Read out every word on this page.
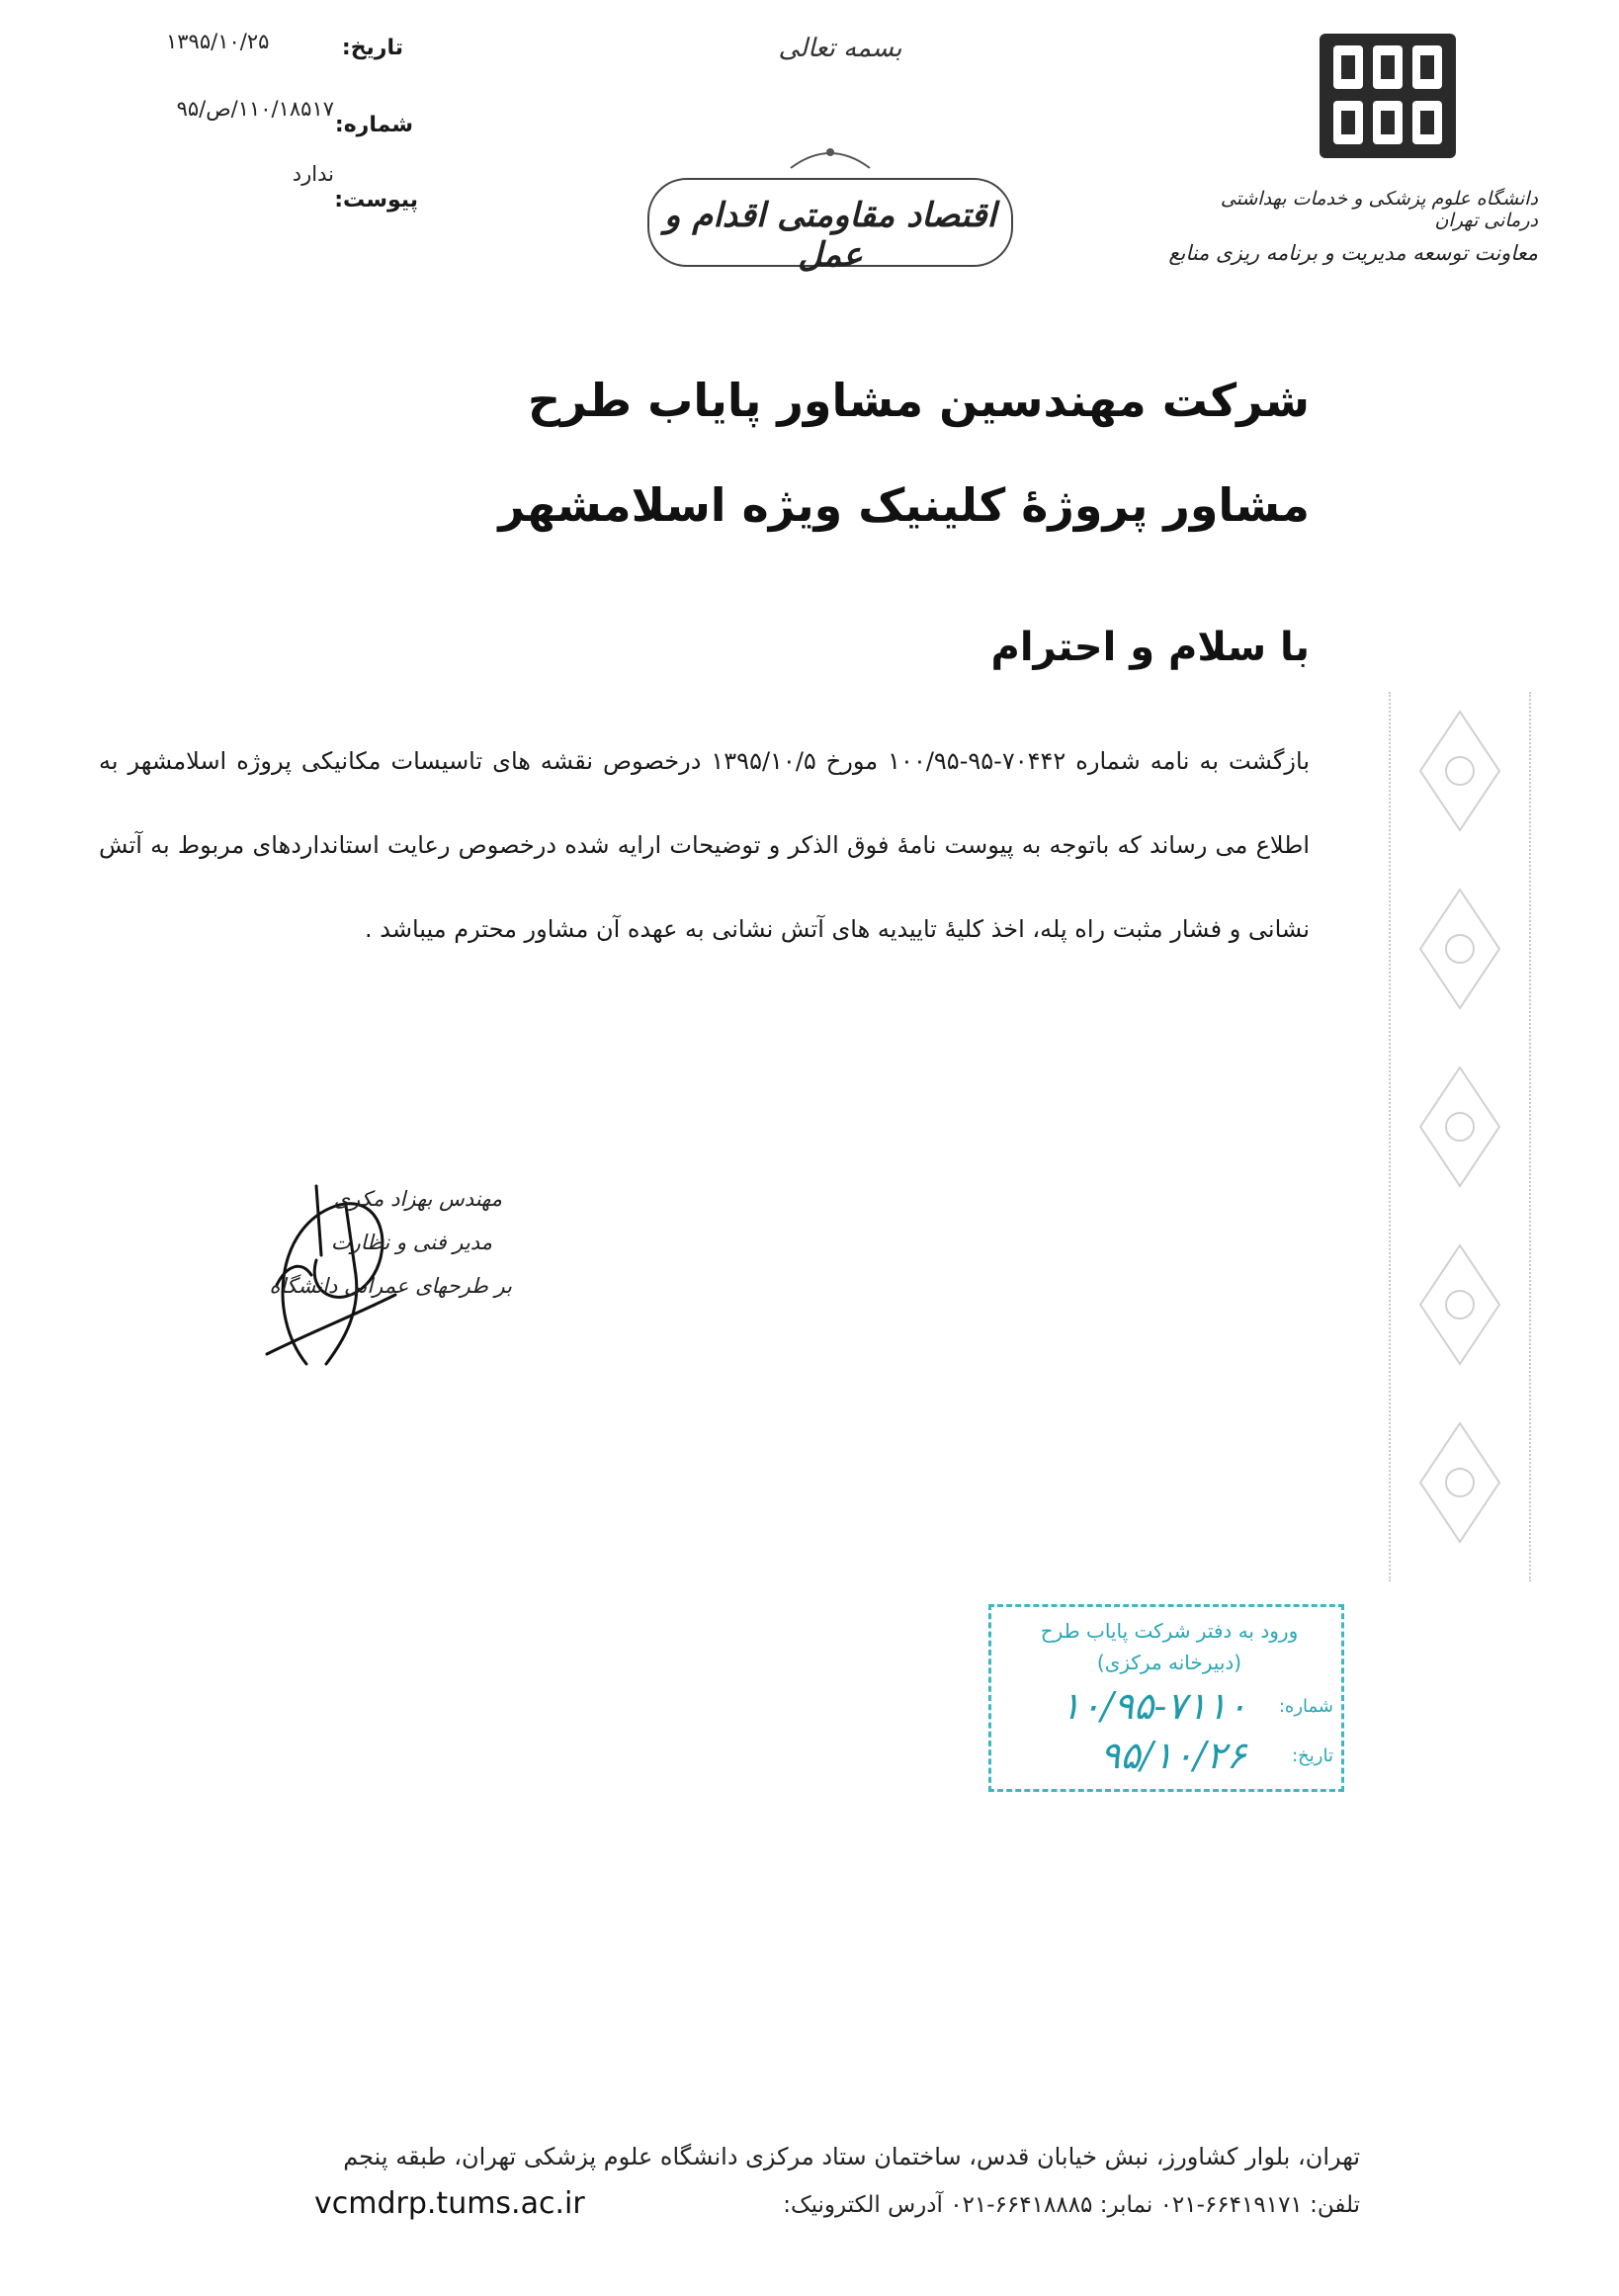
تاریخ:
۱۳۹۵/۱۰/۲۵
شماره:
۱۱۰/۱۸۵۱۷/ص/۹۵
پیوست:
ندارد
بسمه تعالی
اقتصاد مقاومتی اقدام و عمل
دانشگاه علوم پزشکی و خدمات بهداشتی درمانی تهران
معاونت توسعه مدیریت و برنامه ریزی منابع
شرکت مهندسین مشاور پایاب طرح
مشاور پروژهٔ کلینیک ویژه اسلامشهر
با سلام و احترام
بازگشت به نامه شماره ۷۰۴۴۲-۹۵-۱۰۰/۹۵ مورخ ۱۳۹۵/۱۰/۵ درخصوص نقشه های تاسیسات مکانیکی پروژه اسلامشهر به اطلاع می رساند که باتوجه به پیوست نامهٔ فوق الذکر و توضیحات ارایه شده درخصوص رعایت استانداردهای مربوط به آتش نشانی و فشار مثبت راه پله، اخذ کلیهٔ تاییدیه های آتش نشانی به عهده آن مشاور محترم میباشد .
مهندس بهزاد مکری
مدیر فنی و نظارت
بر طرحهای عمرانی دانشگاه
ورود به دفتر شرکت پایاب طرح
(دبیرخانه مرکزی)
شماره:
۱۰/۹۵-۷۱۱۰
تاریخ:
۹۵/۱۰/۲۶
تهران، بلوار کشاورز، نبش خیابان قدس، ساختمان ستاد مرکزی دانشگاه علوم پزشکی تهران، طبقه پنجم
تلفن: ۶۶۴۱۹۱۷۱-۰۲۱ نمابر: ۶۶۴۱۸۸۸۵-۰۲۱ آدرس الکترونیک:
vcmdrp.tums.ac.ir
